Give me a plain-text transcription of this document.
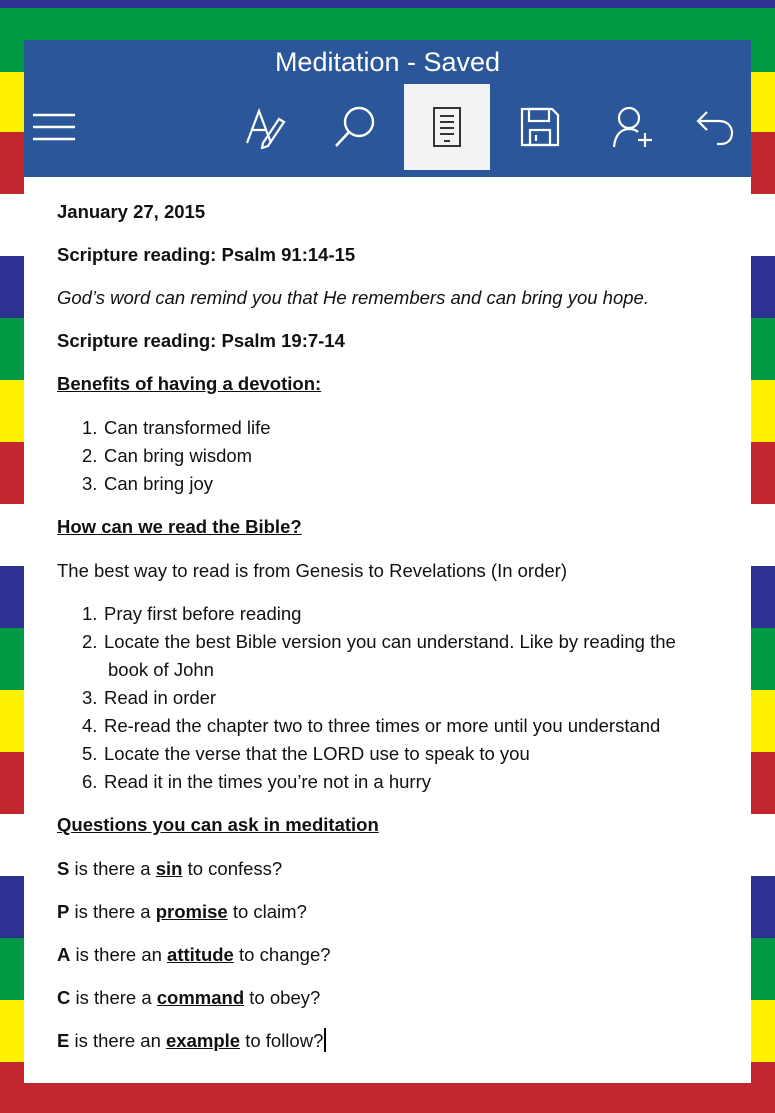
Meditation - Saved
January 27, 2015
Scripture reading: Psalm 91:14-15
God’s word can remind you that He remembers and can bring you hope.
Scripture reading: Psalm 19:7-14
Benefits of having a devotion:
1. Can transformed life
2. Can bring wisdom
3. Can bring joy
How can we read the Bible?
The best way to read is from Genesis to Revelations (In order)
1. Pray first before reading
2. Locate the best Bible version you can understand. Like by reading the
book of John
3. Read in order
4. Re-read the chapter two to three times or more until you understand
5. Locate the verse that the LORD use to speak to you
6. Read it in the times you’re not in a hurry
Questions you can ask in meditation
S is there a sin to confess?
P is there a promise to claim?
A is there an attitude to change?
C is there a command to obey?
E is there an example to follow?
